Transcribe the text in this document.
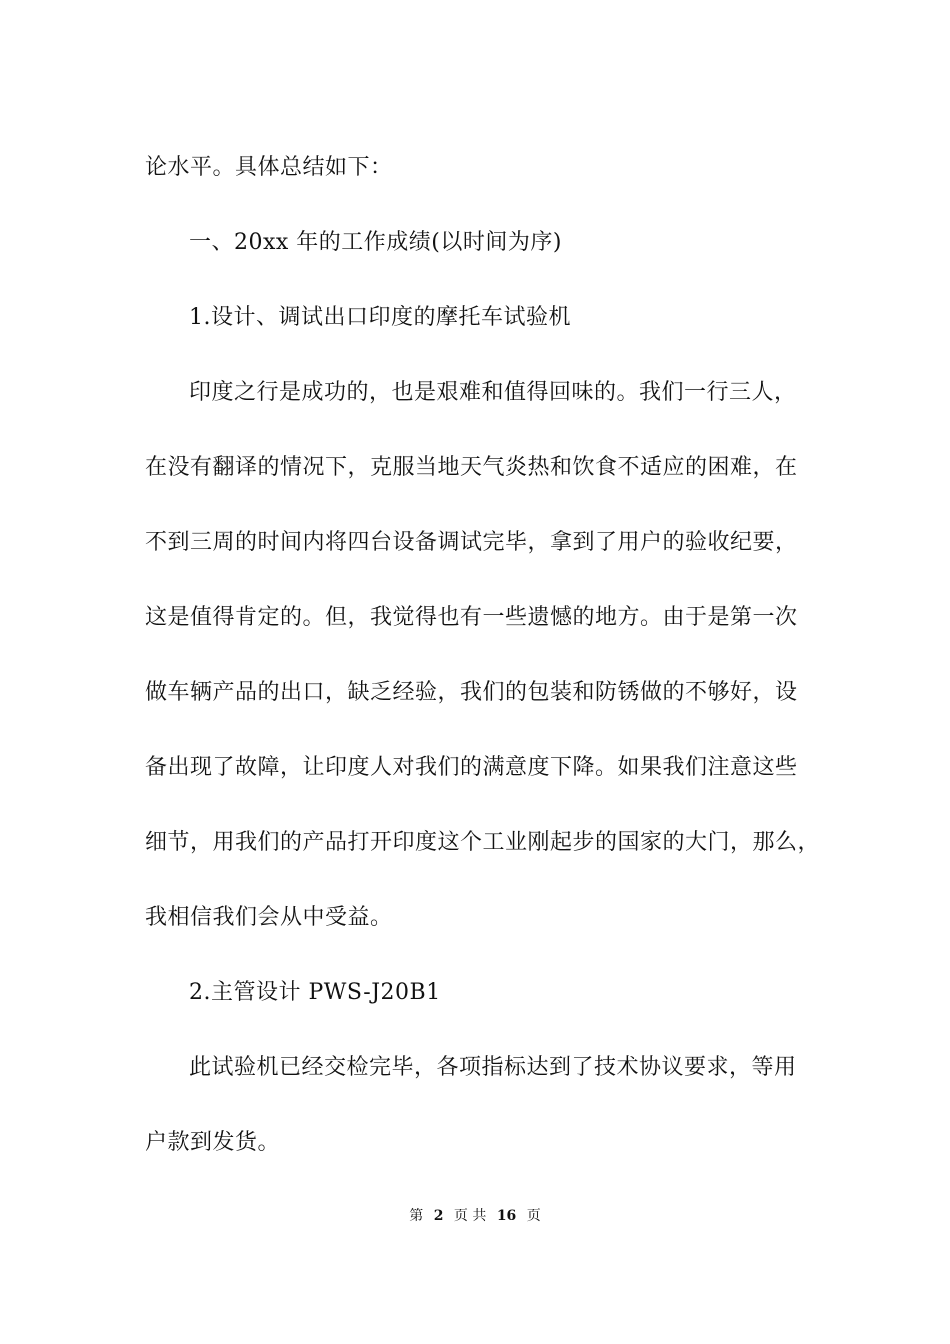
论水平。具体总结如下：
一、20xx 年的工作成绩(以时间为序)
1.设计、调试出口印度的摩托车试验机
印度之行是成功的，也是艰难和值得回味的。我们一行三人，
在没有翻译的情况下，克服当地天气炎热和饮食不适应的困难，在
不到三周的时间内将四台设备调试完毕，拿到了用户的验收纪要，
这是值得肯定的。但，我觉得也有一些遗憾的地方。由于是第一次
做车辆产品的出口，缺乏经验，我们的包装和防锈做的不够好，设
备出现了故障，让印度人对我们的满意度下降。如果我们注意这些
细节，用我们的产品打开印度这个工业刚起步的国家的大门，那么，
我相信我们会从中受益。
2.主管设计 PWS-J20B1
此试验机已经交检完毕，各项指标达到了技术协议要求，等用
户款到发货。
第 2 页 共 16 页
